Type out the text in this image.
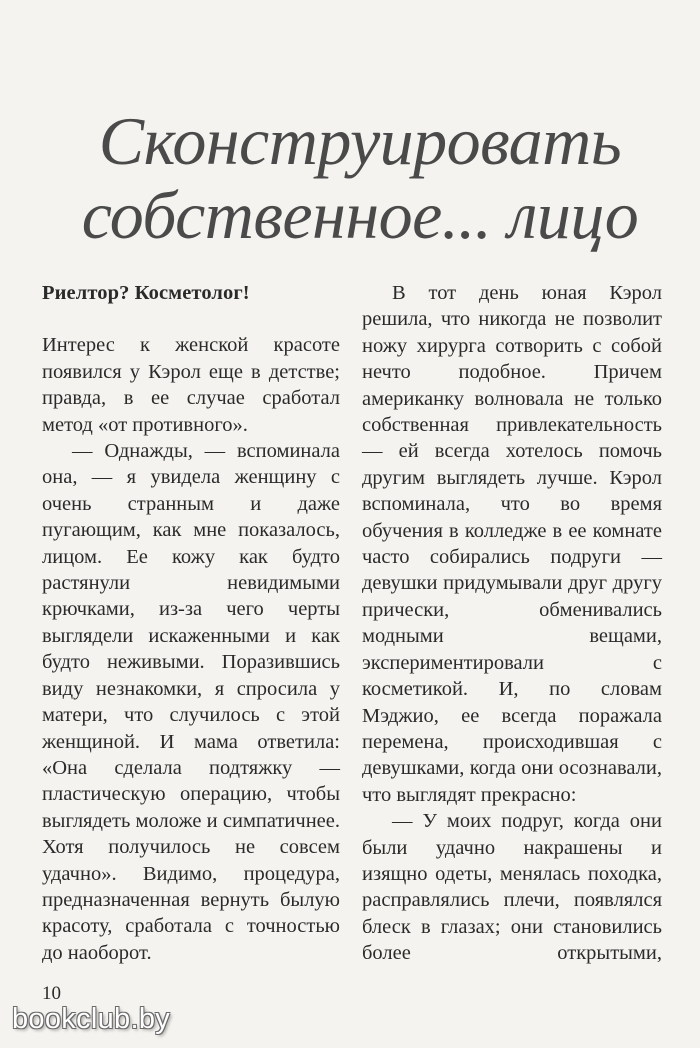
Сконструировать
собственное... лицо

Риелтор? Косметолог!

Интерес к женской красоте появился у Кэрол еще в детстве; правда, в ее случае сработал метод «от противного».

— Однажды, — вспоминала она, — я увидела женщину с очень странным и даже пугающим, как мне показалось, лицом. Ее кожу как будто растянули невидимыми крючками, из-за чего черты выглядели искаженными и как будто неживыми. Поразившись виду незнакомки, я спросила у матери, что случилось с этой женщиной. И мама ответила: «Она сделала подтяжку — пластическую операцию, чтобы выглядеть моложе и симпатичнее. Хотя получилось не совсем удачно». Видимо, процедура, предназначенная вернуть былую красоту, сработала с точностью до наоборот.

В тот день юная Кэрол решила, что никогда не позволит ножу хирурга сотворить с собой нечто подобное. Причем американку волновала не только собственная привлекательность — ей всегда хотелось помочь другим выглядеть лучше. Кэрол вспоминала, что во время обучения в колледже в ее комнате часто собирались подруги — девушки придумывали друг другу прически, обменивались модными вещами, экспериментировали с косметикой. И, по словам Мэджио, ее всегда поражала перемена, происходившая с девушками, когда они осознавали, что выглядят прекрасно:

— У моих подруг, когда они были удачно накрашены и изящно одеты, менялась походка, расправлялись плечи, появлялся блеск в глазах; они становились более открытыми,

10
bookclub.by
